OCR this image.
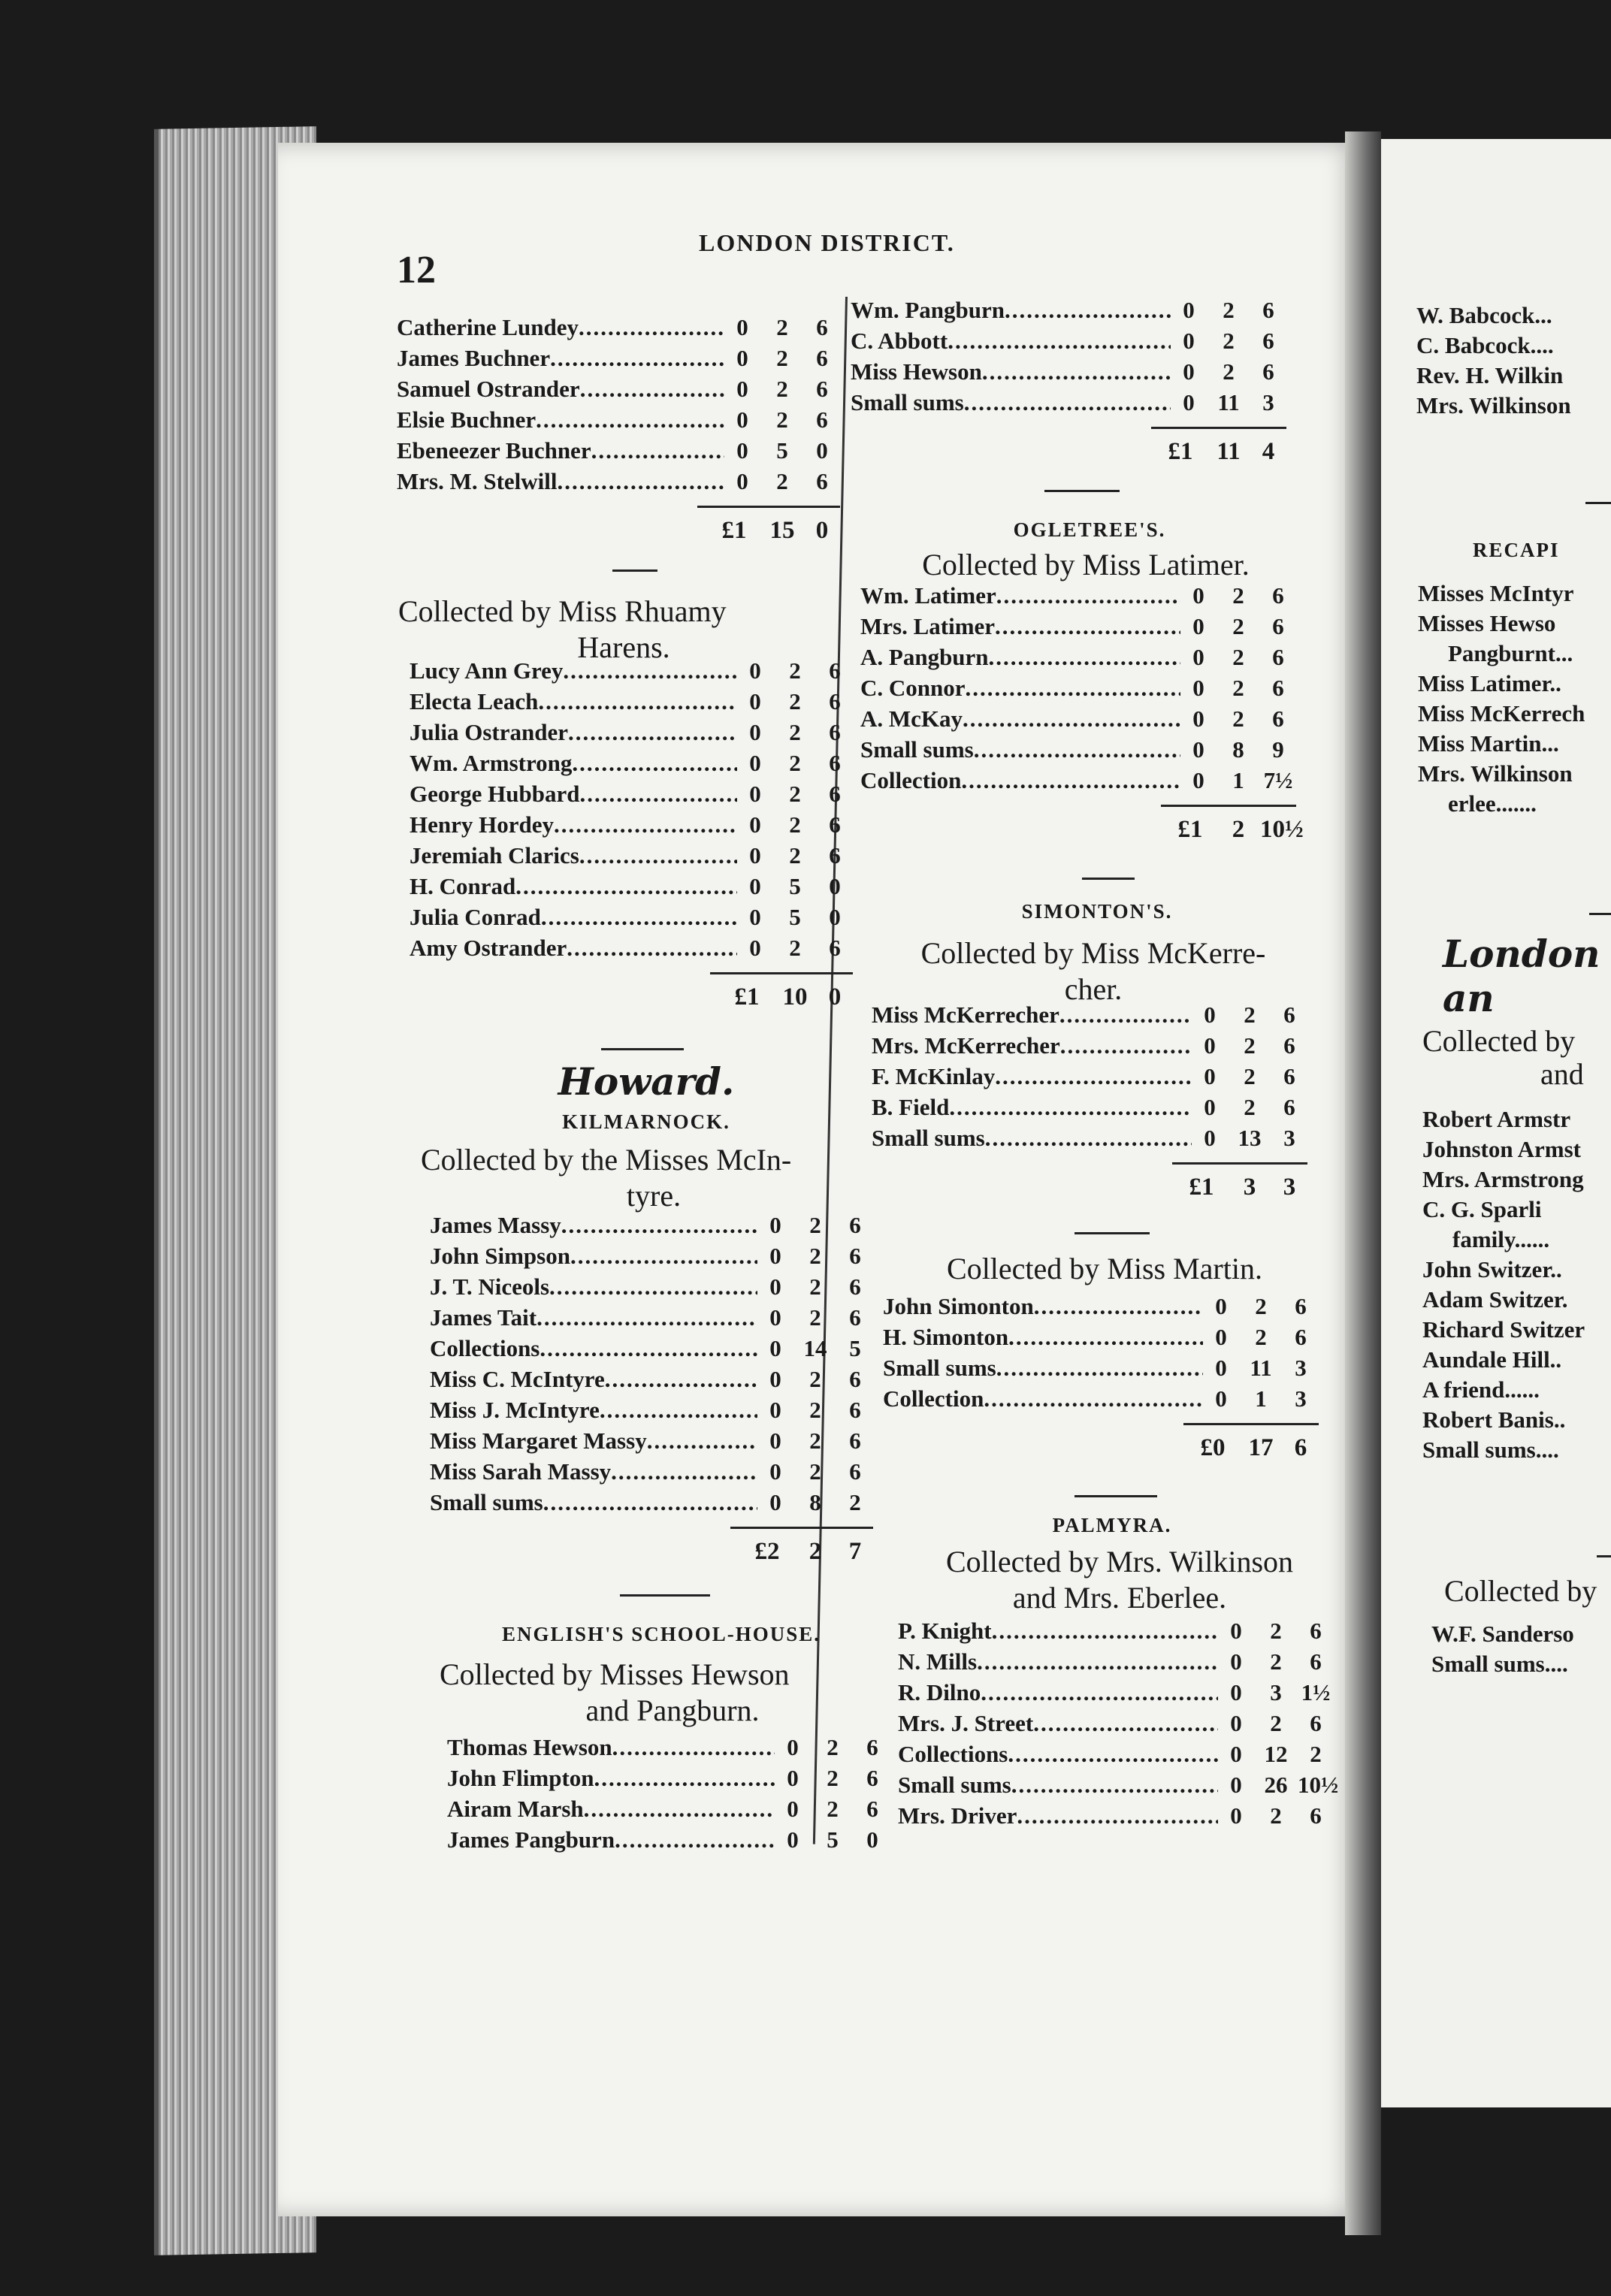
12
LONDON DISTRICT.
Catherine Lundey .....	0	2	6
James Buchner .....	0	2	6
Samuel Ostrander .....	0	2	6
Elsie Buchner .....	0	2	6
Ebeneezer Buchner .....	0	5	0
Mrs. M. Stelwill .....	0	2	6
£1 15 0
Collected by Miss Rhuamy
Harens.
Lucy Ann Grey .....	0	2	6
Electa Leach .....	0	2	6
Julia Ostrander .....	0	2	6
Wm. Armstrong .....	0	2	6
George Hubbard .....	0	2	6
Henry Hordey .....	0	2	6
Jeremiah Clarics .....	0	2	6
H. Conrad .....	0	5	0
Julia Conrad .....	0	5	0
Amy Ostrander .....	0	2	6
£1 10 0
Howard.
KILMARNOCK.
Collected by the Misses McIn-
tyre.
James Massy .....	0	2	6
John Simpson .....	0	2	6
J. T. Niceols .....	0	2	6
James Tait .....	0	2	6
Collections .....	0 14 5
Miss C. McIntyre .....	0	2	6
Miss J. McIntyre .....	0	2	6
Miss Margaret Massy .....	0	2	6
Miss Sarah Massy .....	0	2	6
Small sums .....	0	8	2
£2	2	7
ENGLISH'S SCHOOL-HOUSE.
Collected by Misses Hewson
and Pangburn.
Thomas Hewson .....	0	2	6
John Flimpton .....	0	2	6
Airam Marsh .....	0	2	6
James Pangburn .....	0	5	0
Wm. Pangburn .....	0	2	6
C. Abbott .....	0	2	6
Miss Hewson .....	0	2	6
Small sums .....	0 11 3
£1 11 4
OGLETREE'S.
Collected by Miss Latimer.
Wm. Latimer .....	0	2	6
Mrs. Latimer .....	0	2	6
A. Pangburn .....	0	2	6
C. Connor .....	0	2	6
A. McKay .....	0	2	6
Small sums .....	0	8	9
Collection .....	0	1 7½
£1	2 10½
SIMONTON'S.
Collected by Miss McKerre-
cher.
Miss McKerrecher .....	0	2	6
Mrs. McKerrecher .....	0	2	6
F. McKinlay .....	0	2	6
B. Field .....	0	2	6
Small sums .....	0 13 3
£1	3	3
Collected by Miss Martin.
John Simonton .....	0	2	6
H. Simonton .....	0	2	6
Small sums .....	0 11 3
Collection .....	0	1	3
£0 17 6
PALMYRA.
Collected by Mrs. Wilkinson
and Mrs. Eberlee.
P. Knight .....	0	2	6
N. Mills .....	0	2	6
R. Dilno .....	0	3 1½
Mrs. J. Street .....	0	2	6
Collections .....	0 12 2
Small sums .....	0 26 10½
Mrs. Driver .....	0	2	6
W. Babcock...
C. Babcock....
Rev. H. Wilkin
Mrs. Wilkinson
RECAPI
Misses McIntyr
Misses Hewso
Pangburnt...
Miss Latimer..
Miss McKerrech
Miss Martin...
Mrs. Wilkinson
erlee.......
London an
Collected by
and
Robert Armstr
Johnston Armst
Mrs. Armstrong
C. G. Sparli
family......
John Switzer..
Adam Switzer.
Richard Switzer
Aundale Hill..
A friend......
Robert Banis..
Small sums....
Collected by
W.F. Sanderso
Small sums....
